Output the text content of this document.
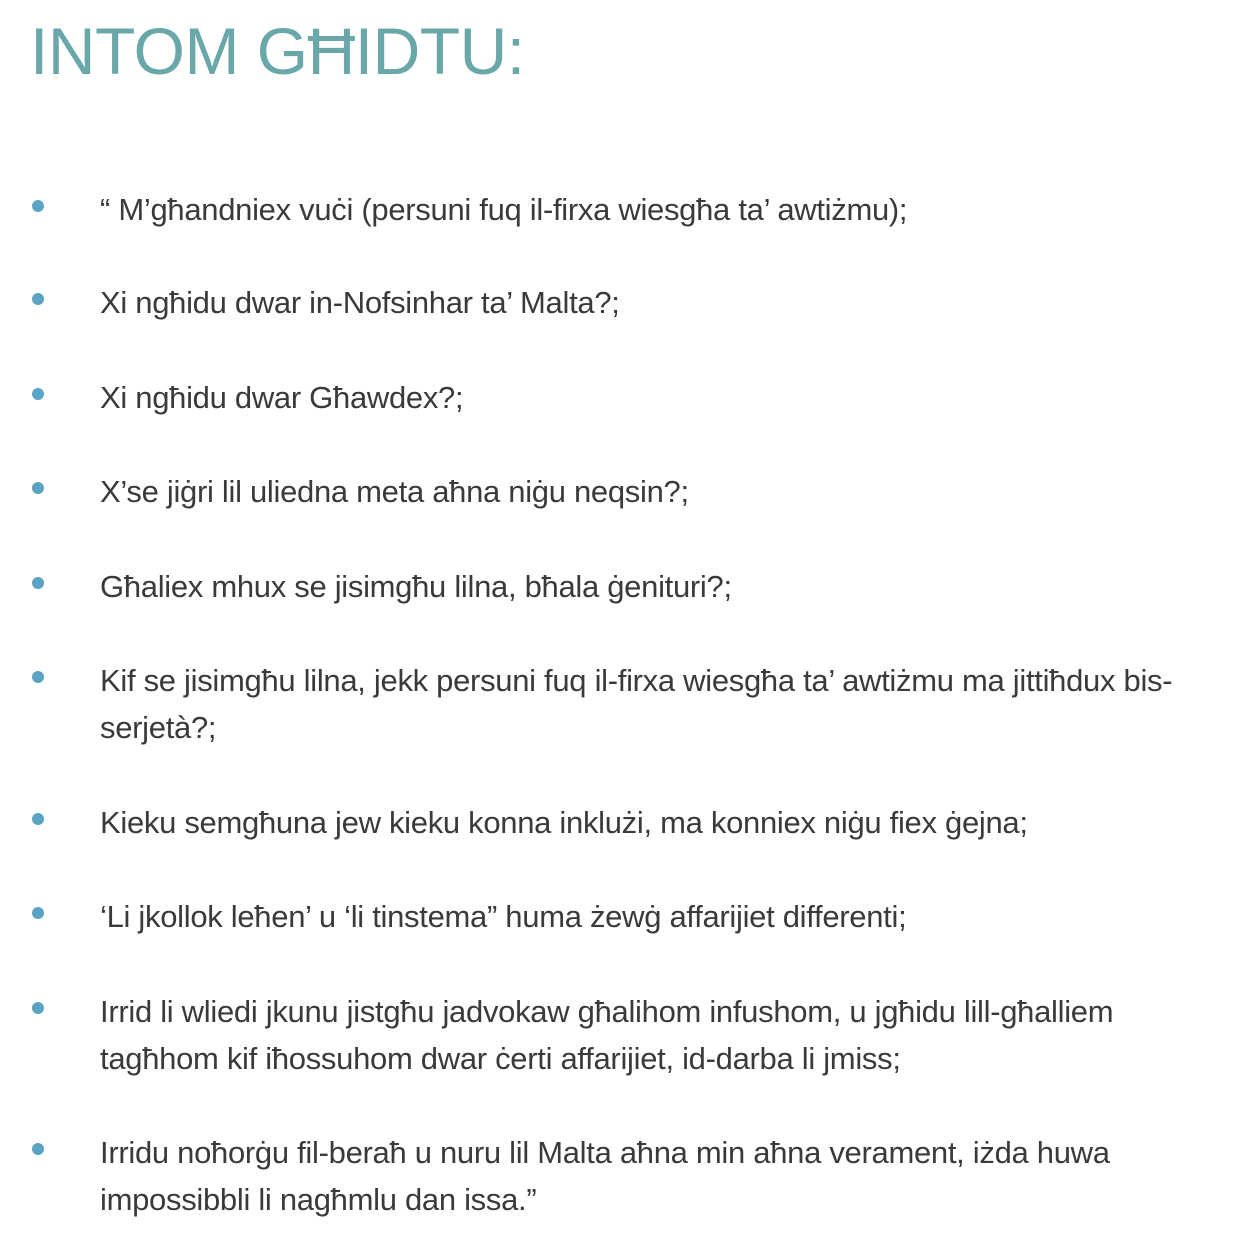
INTOM GĦIDTU:

“ M’għandniex vuċi (persuni fuq il-firxa wiesgħa ta’ awtiżmu);

Xi ngħidu dwar in-Nofsinhar ta’ Malta?;

Xi ngħidu dwar Għawdex?;

X’se jiġri lil uliedna meta aħna niġu neqsin?;

Għaliex mhux se jisimgħu lilna, bħala ġenituri?;

Kif se jisimgħu lilna, jekk persuni fuq il-firxa wiesgħa ta’ awtiżmu ma jittiħdux bis-
serjetà?;

Kieku semgħuna jew kieku konna inklużi, ma konniex niġu fiex ġejna;

‘Li jkollok leħen’ u ‘li tinstema” huma żewġ affarijiet differenti;

Irrid li wliedi jkunu jistgħu jadvokaw għalihom infushom, u jgħidu lill-għalliem
tagħhom kif iħossuhom dwar ċerti affarijiet, id-darba li jmiss;

Irridu noħorġu fil-beraħ u nuru lil Malta aħna min aħna verament, iżda huwa
impossibbli li nagħmlu dan issa.”
